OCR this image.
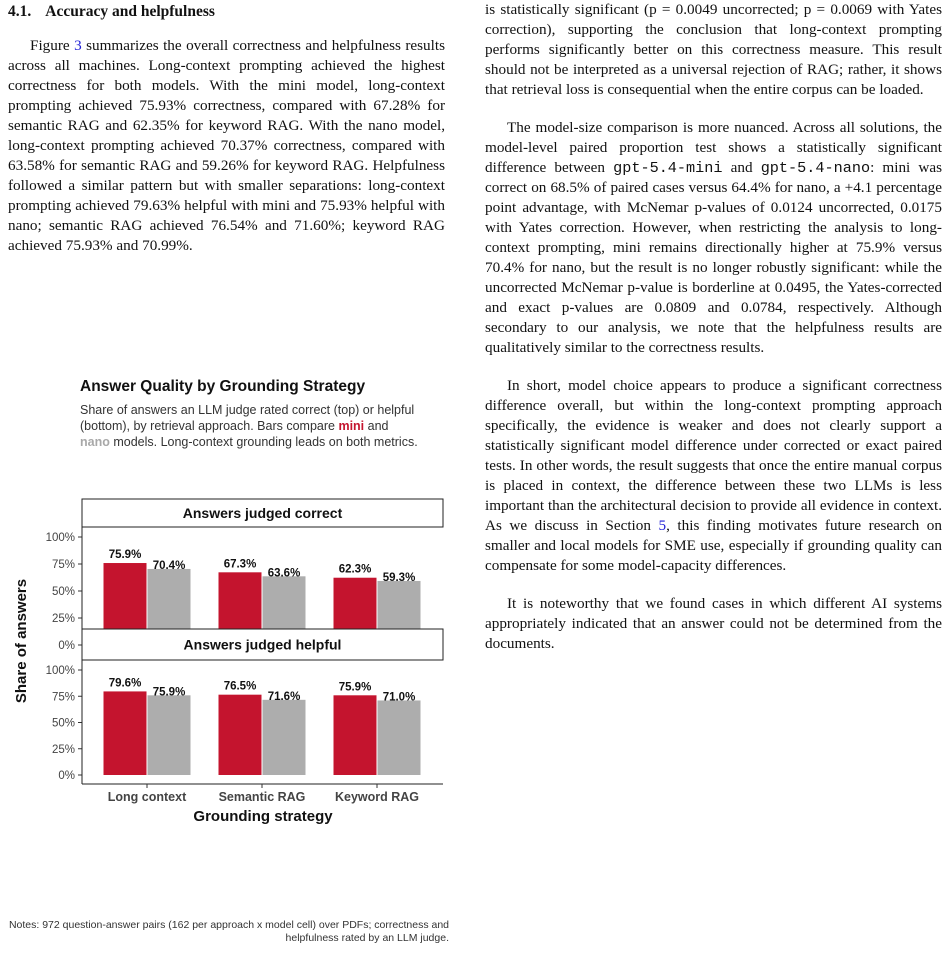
4.1. Accuracy and helpfulness

Figure 3 summarizes the overall correctness and helpfulness results across all machines. Long-context prompting achieved the highest correctness for both models. With the mini model, long-context prompting achieved 75.93% correctness, compared with 67.28% for semantic RAG and 62.35% for keyword RAG. With the nano model, long-context prompting achieved 70.37% correctness, compared with 63.58% for semantic RAG and 59.26% for keyword RAG. Helpfulness followed a similar pattern but with smaller separations: long-context prompting achieved 79.63% helpful with mini and 75.93% helpful with nano; semantic RAG achieved 76.54% and 71.60%; keyword RAG achieved 75.93% and 70.99%.

Answer Quality by Grounding Strategy
Share of answers an LLM judge rated correct (top) or helpful (bottom), by retrieval approach. Bars compare mini and nano models. Long-context grounding leads on both metrics.
Answers judged correct
0%
25%
50%
75%
100%
75.9%
67.3%	62.3%
70.4%
63.6%	59.3%
Answers judged helpful
0%
25%
50%
75%
100%
79.6%	76.5%	75.9%
75.9%	71.6%	71.0%
Long context	Semantic RAG Keyword RAG
Grounding strategy
Share of answers
Notes: 972 question-answer pairs (162 per approach x model cell) over PDFs; correctness and helpfulness rated by an LLM judge.

is statistically significant (p = 0.0049 uncorrected; p = 0.0069 with Yates correction), supporting the conclusion that long-context prompting performs significantly better on this correctness measure. This result should not be interpreted as a universal rejection of RAG; rather, it shows that retrieval loss is consequential when the entire corpus can be loaded.

The model-size comparison is more nuanced. Across all solutions, the model-level paired proportion test shows a statistically significant difference between gpt-5.4-mini and gpt-5.4-nano: mini was correct on 68.5% of paired cases versus 64.4% for nano, a +4.1 percentage point advantage, with McNemar p-values of 0.0124 uncorrected, 0.0175 with Yates correction. However, when restricting the analysis to long-context prompting, mini remains directionally higher at 75.9% versus 70.4% for nano, but the result is no longer robustly significant: while the uncorrected McNemar p-value is borderline at 0.0495, the Yates-corrected and exact p-values are 0.0809 and 0.0784, respectively. Although secondary to our analysis, we note that the helpfulness results are qualitatively similar to the correctness results.

In short, model choice appears to produce a significant correctness difference overall, but within the long-context prompting approach specifically, the evidence is weaker and does not clearly support a statistically significant model difference under corrected or exact paired tests. In other words, the result suggests that once the entire manual corpus is placed in context, the difference between these two LLMs is less important than the architectural decision to provide all evidence in context. As we discuss in Section 5, this finding motivates future research on smaller and local models for SME use, especially if grounding quality can compensate for some model-capacity differences.

It is noteworthy that we found cases in which different AI systems appropriately indicated that an answer could not be determined from the documents.
